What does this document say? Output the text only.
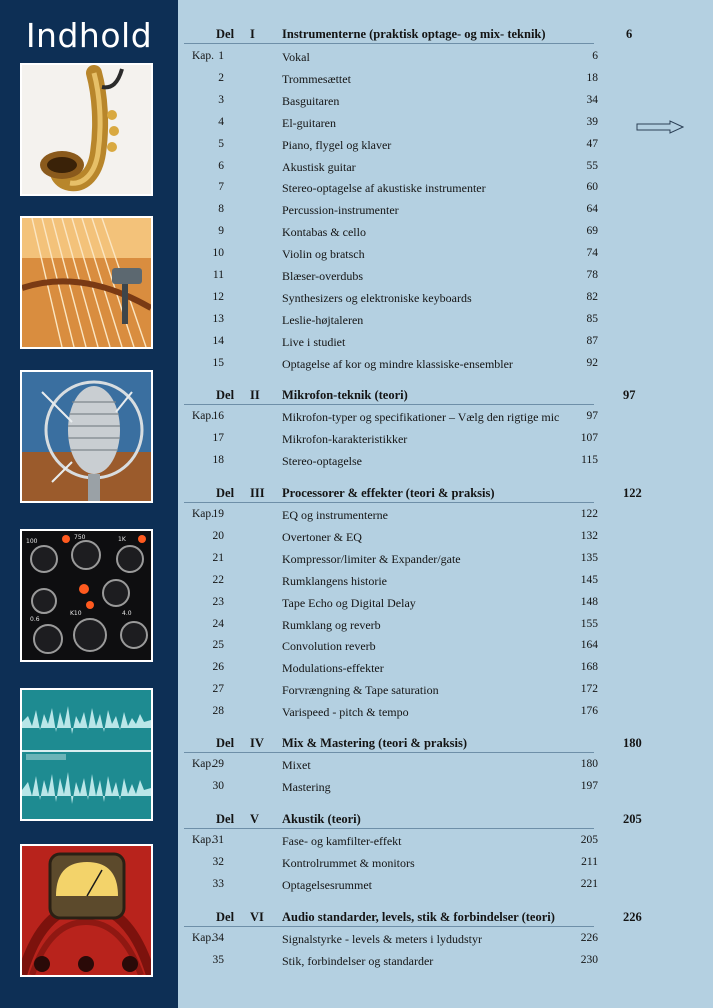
Indhold
100
750	1K
K10
0.6
4.0
Del I Instrumenterne (praktisk optage- og mix- teknik)	6
Kap. 1	Vokal	6
2	Trommesættet	18
3	Basguitaren	34
4	El-guitaren	39
5	Piano, flygel og klaver	47
6	Akustisk guitar	55
7	Stereo-optagelse af akustiske instrumenter	60
8	Percussion-instrumenter	64
9	Kontabas & cello	69
10	Violin og bratsch	74
11	Blæser-overdubs	78
12	Synthesizers og elektroniske keyboards	82
13	Leslie-højtaleren	85
14	Live i studiet	87
15	Optagelse af kor og mindre klassiske-ensembler	92
Del II Mikrofon-teknik (teori)	97
Kap.
16	Mikrofon-typer og specifikationer – Vælg den rigtige mic 97
17	Mikrofon-karakteristikker	107
18	Stereo-optagelse	115
Del III Processorer & effekter (teori & praksis)	122
Kap.
19	EQ og instrumenterne	122
20	Overtoner & EQ	132
21	Kompressor/limiter & Expander/gate	135
22	Rumklangens historie	145
23	Tape Echo og Digital Delay	148
24	Rumklang og reverb	155
25	Convolution reverb	164
26	Modulations-effekter	168
27	Forvrængning & Tape saturation	172
28	Varispeed - pitch & tempo	176
Del IV Mix & Mastering (teori & praksis)	180
Kap.
29	Mixet	180
30	Mastering	197
Del V Akustik (teori)	205
Kap.
31	Fase- og kamfilter-effekt	205
32	Kontrolrummet & monitors	211
33	Optagelsesrummet	221
Del VI Audio standarder, levels, stik & forbindelser (teori)	226
Kap.
34	Signalstyrke - levels & meters i lydudstyr	226
35	Stik, forbindelser og standarder	230
